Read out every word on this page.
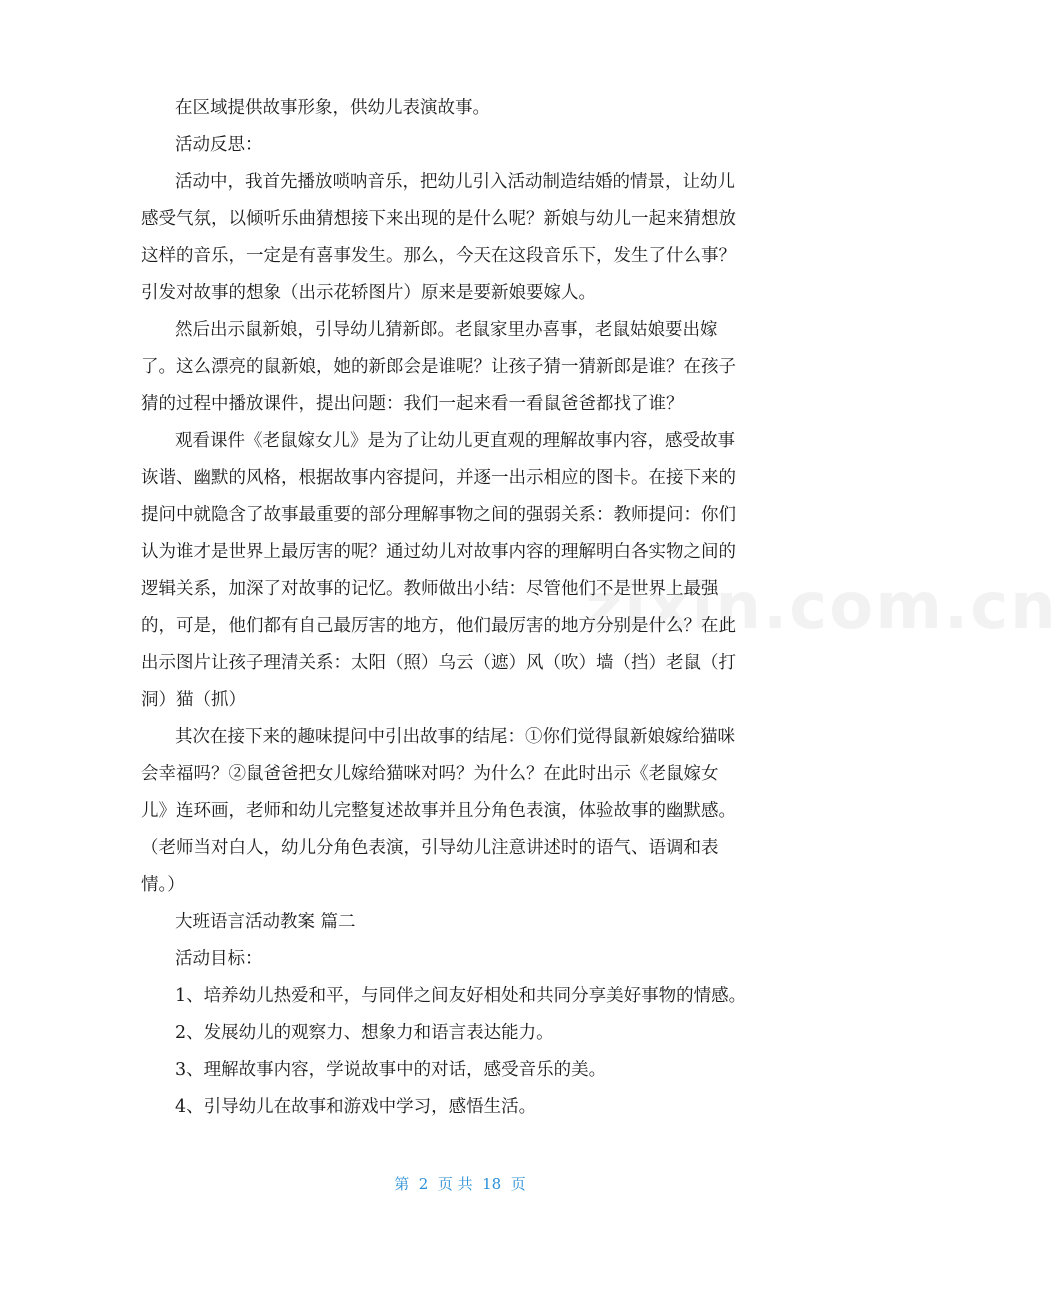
在区域提供故事形象，供幼儿表演故事。
活动反思：
活动中，我首先播放唢呐音乐，把幼儿引入活动制造结婚的情景，让幼儿
感受气氛，以倾听乐曲猜想接下来出现的是什么呢？新娘与幼儿一起来猜想放
这样的音乐，一定是有喜事发生。那么，今天在这段音乐下，发生了什么事？
引发对故事的想象（出示花轿图片）原来是要新娘要嫁人。
然后出示鼠新娘，引导幼儿猜新郎。老鼠家里办喜事，老鼠姑娘要出嫁
了。这么漂亮的鼠新娘，她的新郎会是谁呢？让孩子猜一猜新郎是谁？在孩子
猜的过程中播放课件，提出问题：我们一起来看一看鼠爸爸都找了谁？
观看课件《老鼠嫁女儿》是为了让幼儿更直观的理解故事内容，感受故事
诙谐、幽默的风格，根据故事内容提问，并逐一出示相应的图卡。在接下来的
提问中就隐含了故事最重要的部分理解事物之间的强弱关系：教师提问：你们
认为谁才是世界上最厉害的呢？通过幼儿对故事内容的理解明白各实物之间的
逻辑关系，加深了对故事的记忆。教师做出小结：尽管他们不是世界上最强
的，可是，他们都有自己最厉害的地方，他们最厉害的地方分别是什么？在此
出示图片让孩子理清关系：太阳（照）乌云（遮）风（吹）墙（挡）老鼠（打
洞）猫（抓）
其次在接下来的趣味提问中引出故事的结尾：①你们觉得鼠新娘嫁给猫咪
会幸福吗？②鼠爸爸把女儿嫁给猫咪对吗？为什么？在此时出示《老鼠嫁女
儿》连环画，老师和幼儿完整复述故事并且分角色表演，体验故事的幽默感。
（老师当对白人，幼儿分角色表演，引导幼儿注意讲述时的语气、语调和表
情。）
大班语言活动教案 篇二
活动目标：
1、培养幼儿热爱和平，与同伴之间友好相处和共同分享美好事物的情感。
2、发展幼儿的观察力、想象力和语言表达能力。
3、理解故事内容，学说故事中的对话，感受音乐的美。
4、引导幼儿在故事和游戏中学习，感悟生活。
zixin.com.cn
第  2  页 共  18  页
